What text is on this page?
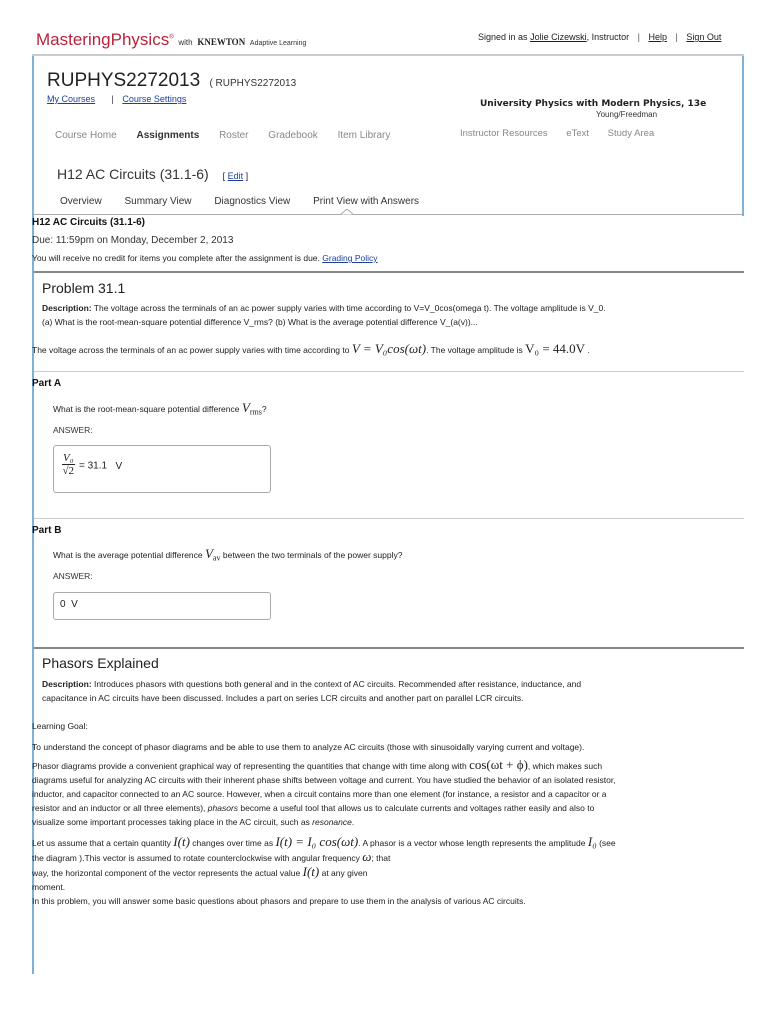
MasteringPhysics® with KNEWTON Adaptive Learning
Signed in as Jolie Cizewski, Instructor | Help | Sign Out
RUPHYS2272013 ( RUPHYS2272013
My Courses | Course Settings	University Physics with Modern Physics, 13e
Young/Freedman
Course Home Assignments Roster Gradebook Item Library	Instructor Resources eText Study Area
H12 AC Circuits (31.1-6) [ Edit ]
Overview Summary View Diagnostics View Print View with Answers
H12 AC Circuits (31.1-6)
Due: 11:59pm on Monday, December 2, 2013
You will receive no credit for items you complete after the assignment is due. Grading Policy
Problem 31.1
Description: The voltage across the terminals of an ac power supply varies with time according to V=V_0cos(omega t). The voltage amplitude is V_0.
(a) What is the root-mean-square potential difference V_rms? (b) What is the average potential difference V_(a(v))...
The voltage across the terminals of an ac power supply varies with time according to V = V₀cos(ωt). The voltage amplitude is V₀ = 44.0V .
Part A
What is the root-mean-square potential difference $V_{rms}$?
ANSWER:
$\frac{\text{V₀}}{√2} = 31.1$ V
Part B
What is the average potential difference $V_{av}$ between the two terminals of the power supply?
ANSWER:
0  V
Phasors Explained
Description: Introduces phasors with questions both general and in the context of AC circuits. Recommended after resistance, inductance, and
capacitance in AC circuits have been discussed. Includes a part on series LCR circuits and another part on parallel LCR circuits.
Learning Goal:
To understand the concept of phasor diagrams and be able to use them to analyze AC circuits (those with sinusoidally varying current and voltage).
Phasor diagrams provide a convenient graphical way of representing the quantities that change with time along with cos(ωt + ϕ), which makes such
diagrams useful for analyzing AC circuits with their inherent phase shifts between voltage and current. You have studied the behavior of an isolated resistor,
inductor, and capacitor connected to an AC source. However, when a circuit contains more than one element (for instance, a resistor and a capacitor or a
resistor and an inductor or all three elements), phasors become a useful tool that allows us to calculate currents and voltages rather easily and also to
visualize some important processes taking place in the AC circuit, such as resonance.
Let us assume that a certain quantity I(t) changes over time as I(t) = I₀ cos(ωt). A phasor is a vector whose length represents the amplitude I₀ (see
the diagram ).This vector is assumed to rotate counterclockwise with angular frequency ω; that
way, the horizontal component of the vector represents the actual value I(t) at any given
moment.
In this problem, you will answer some basic questions about phasors and prepare to use them in the analysis of various AC circuits.
